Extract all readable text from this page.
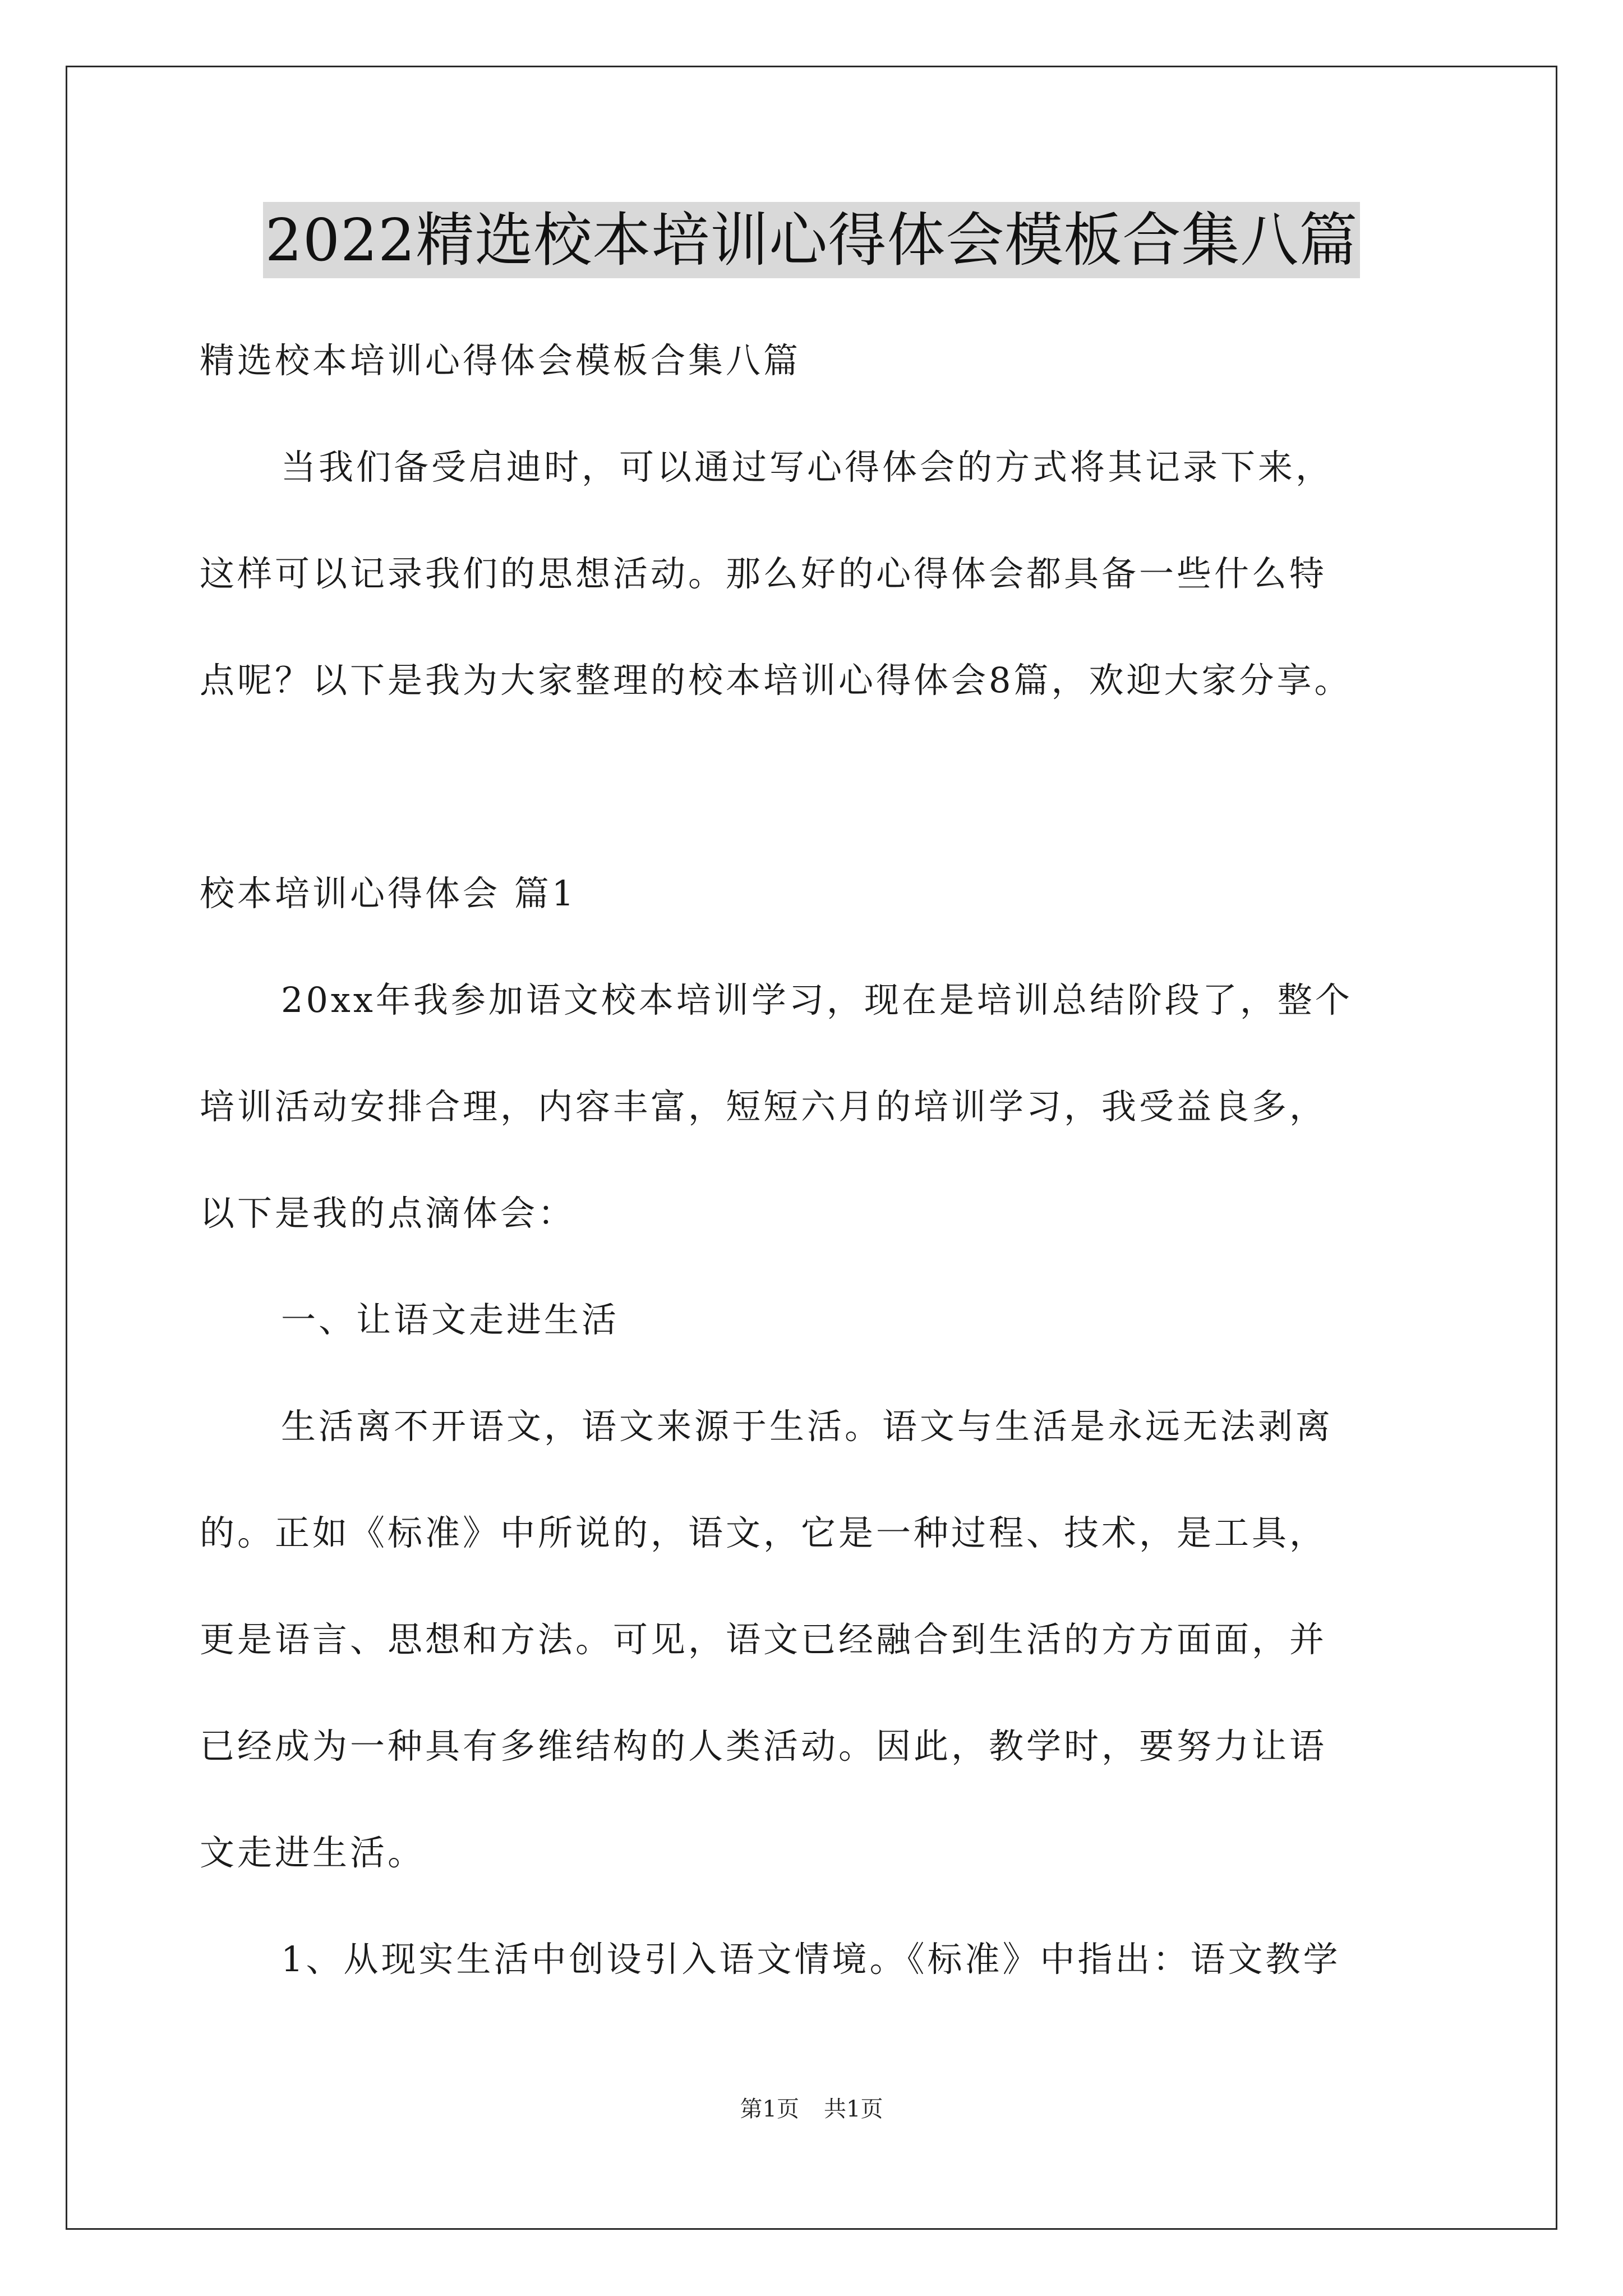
2022精选校本培训心得体会模板合集八篇
精选校本培训心得体会模板合集八篇
当我们备受启迪时，可以通过写心得体会的方式将其记录下来，
这样可以记录我们的思想活动。那么好的心得体会都具备一些什么特
点呢？以下是我为大家整理的校本培训心得体会8篇，欢迎大家分享。
校本培训心得体会 篇1
20xx年我参加语文校本培训学习，现在是培训总结阶段了，整个
培训活动安排合理，内容丰富，短短六月的培训学习，我受益良多，
以下是我的点滴体会：
一、让语文走进生活
生活离不开语文，语文来源于生活。语文与生活是永远无法剥离
的。正如《标准》中所说的，语文，它是一种过程、技术，是工具，
更是语言、思想和方法。可见，语文已经融合到生活的方方面面，并
已经成为一种具有多维结构的人类活动。因此，教学时，要努力让语
文走进生活。
1、从现实生活中创设引入语文情境。《标准》中指出：语文教学
第1页 共1页
